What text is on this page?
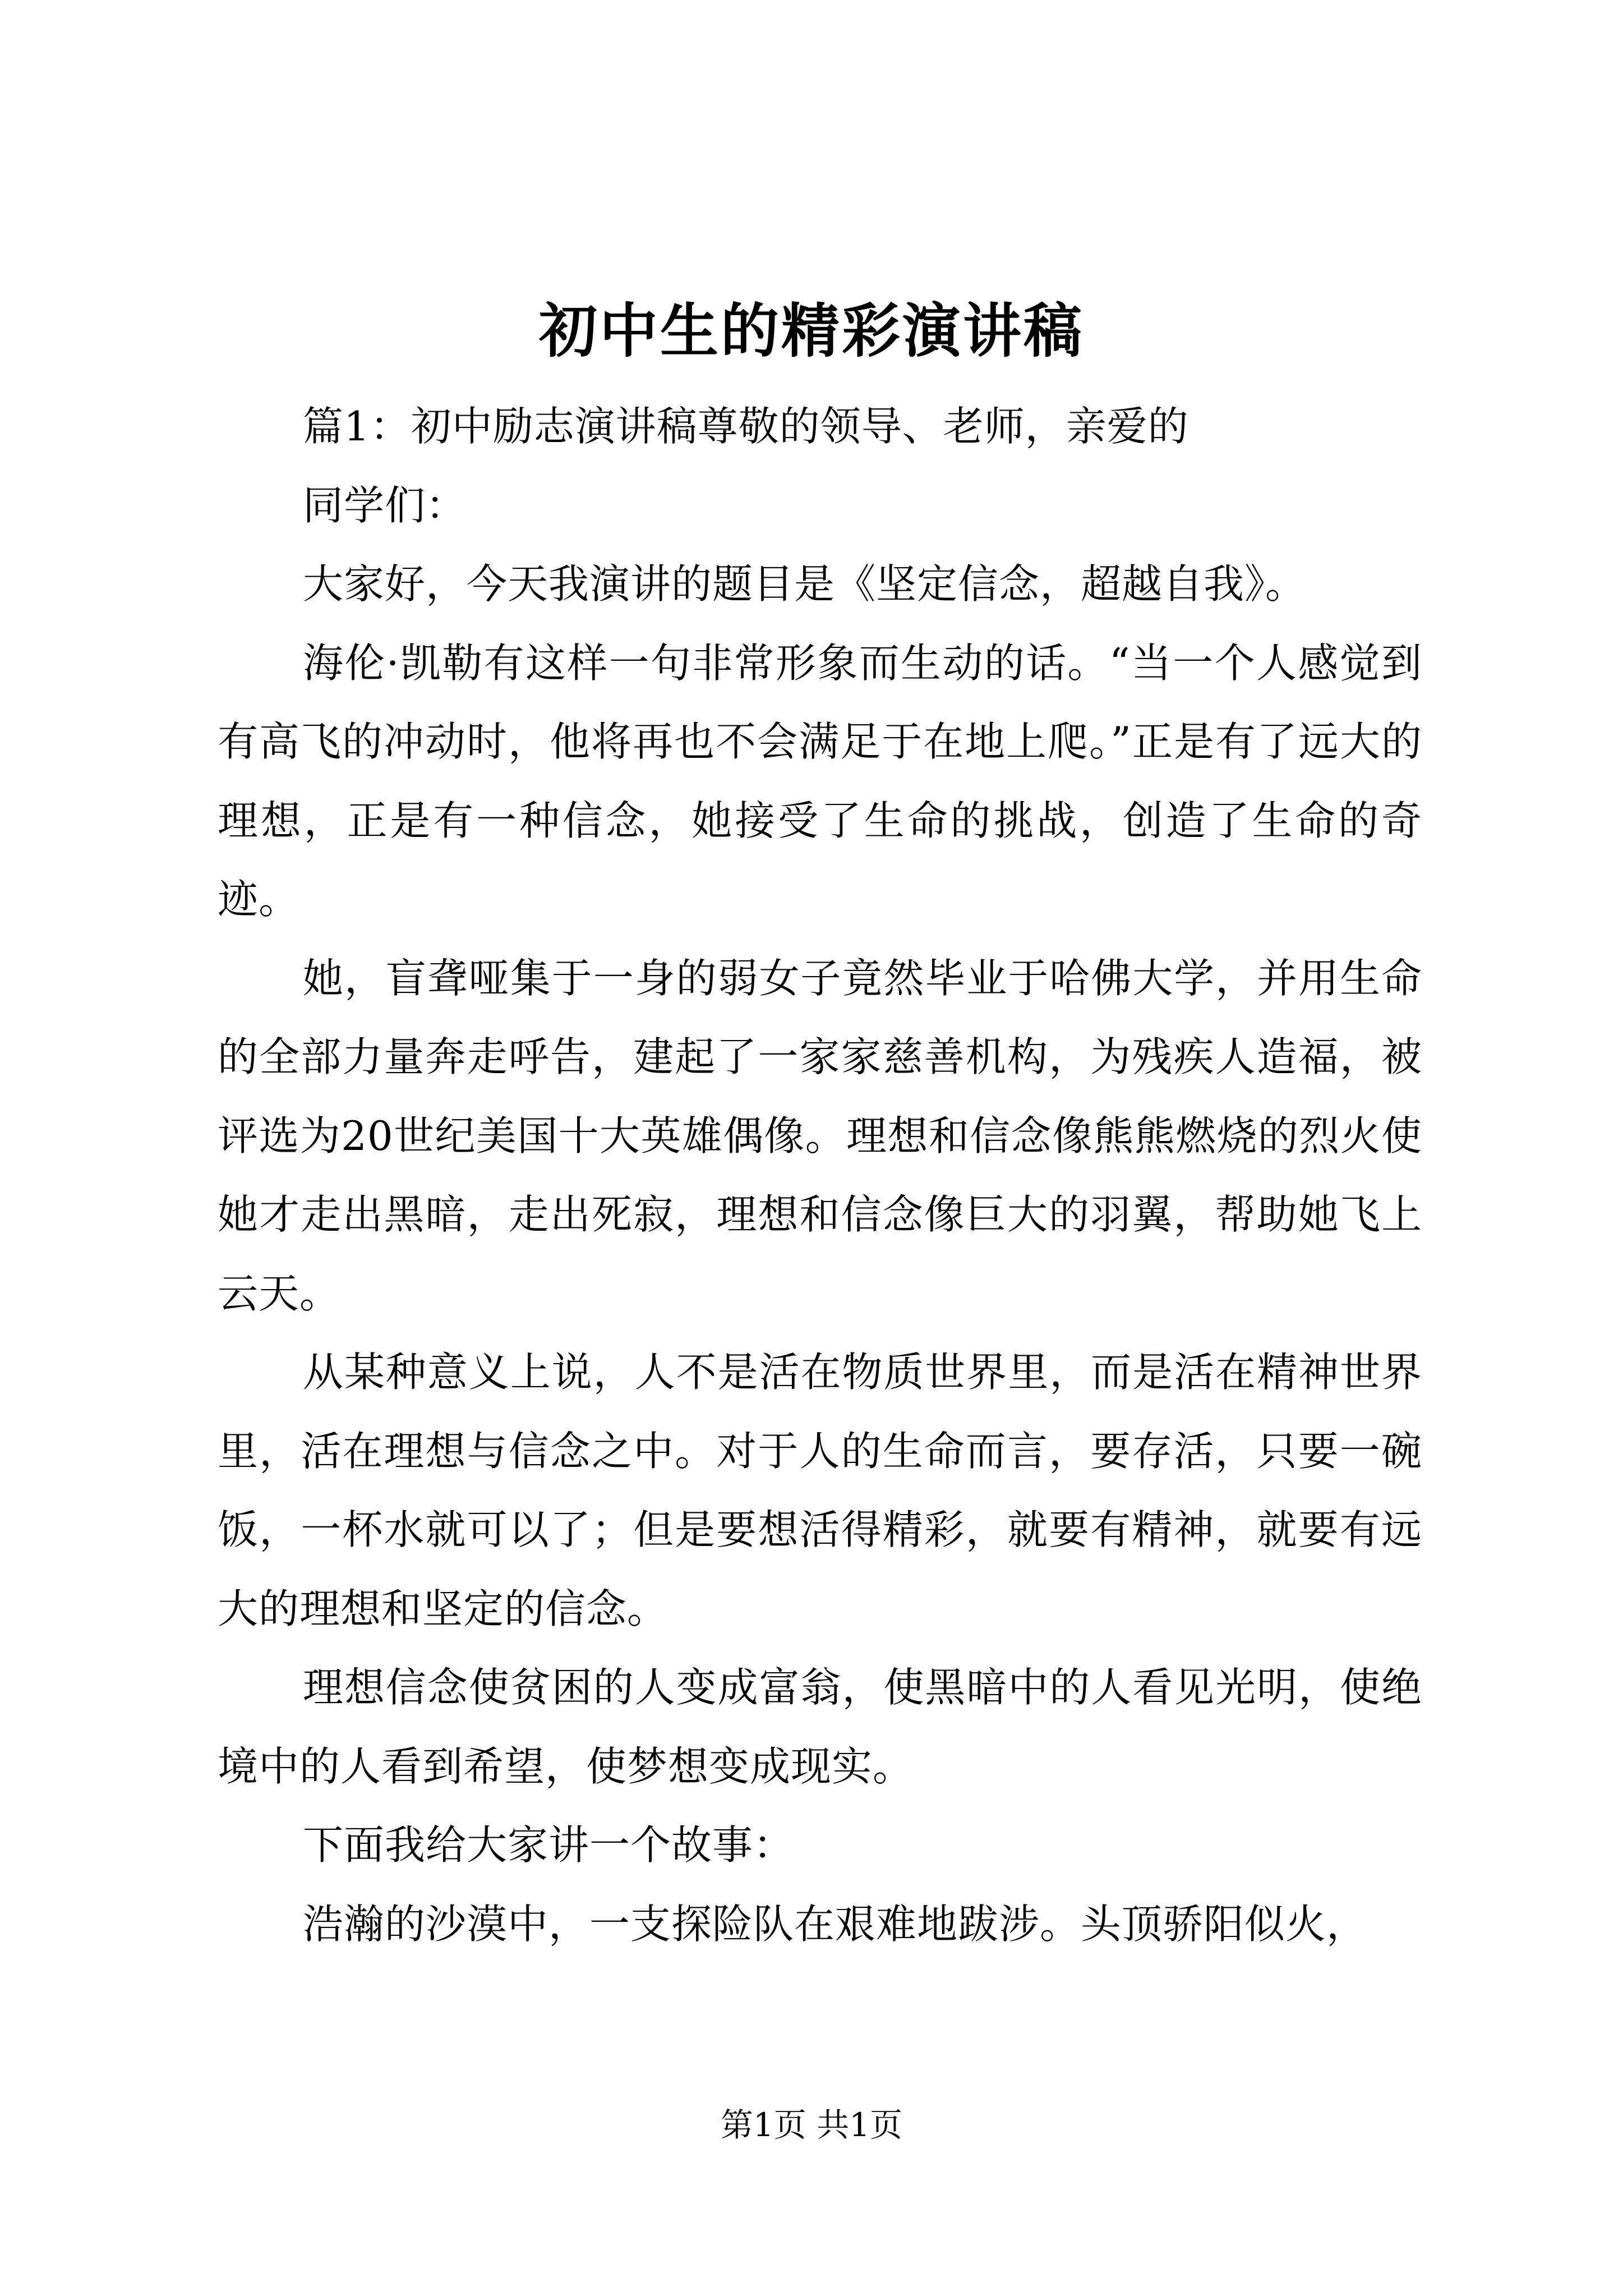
初中生的精彩演讲稿

篇1：初中励志演讲稿尊敬的领导、老师，亲爱的

同学们：

大家好，今天我演讲的题目是《坚定信念，超越自我》。

海伦·凯勒有这样一句非常形象而生动的话。“当一个人感觉到有高飞的冲动时，他将再也不会满足于在地上爬。”正是有了远大的理想，正是有一种信念，她接受了生命的挑战，创造了生命的奇迹。

她，盲聋哑集于一身的弱女子竟然毕业于哈佛大学，并用生命的全部力量奔走呼告，建起了一家家慈善机构，为残疾人造福，被评选为20世纪美国十大英雄偶像。理想和信念像熊熊燃烧的烈火使她才走出黑暗，走出死寂，理想和信念像巨大的羽翼，帮助她飞上云天。

从某种意义上说，人不是活在物质世界里，而是活在精神世界里，活在理想与信念之中。对于人的生命而言，要存活，只要一碗饭，一杯水就可以了；但是要想活得精彩，就要有精神，就要有远大的理想和坚定的信念。

理想信念使贫困的人变成富翁，使黑暗中的人看见光明，使绝境中的人看到希望，使梦想变成现实。

下面我给大家讲一个故事：

浩瀚的沙漠中，一支探险队在艰难地跋涉。头顶骄阳似火，

第1页 共1页
